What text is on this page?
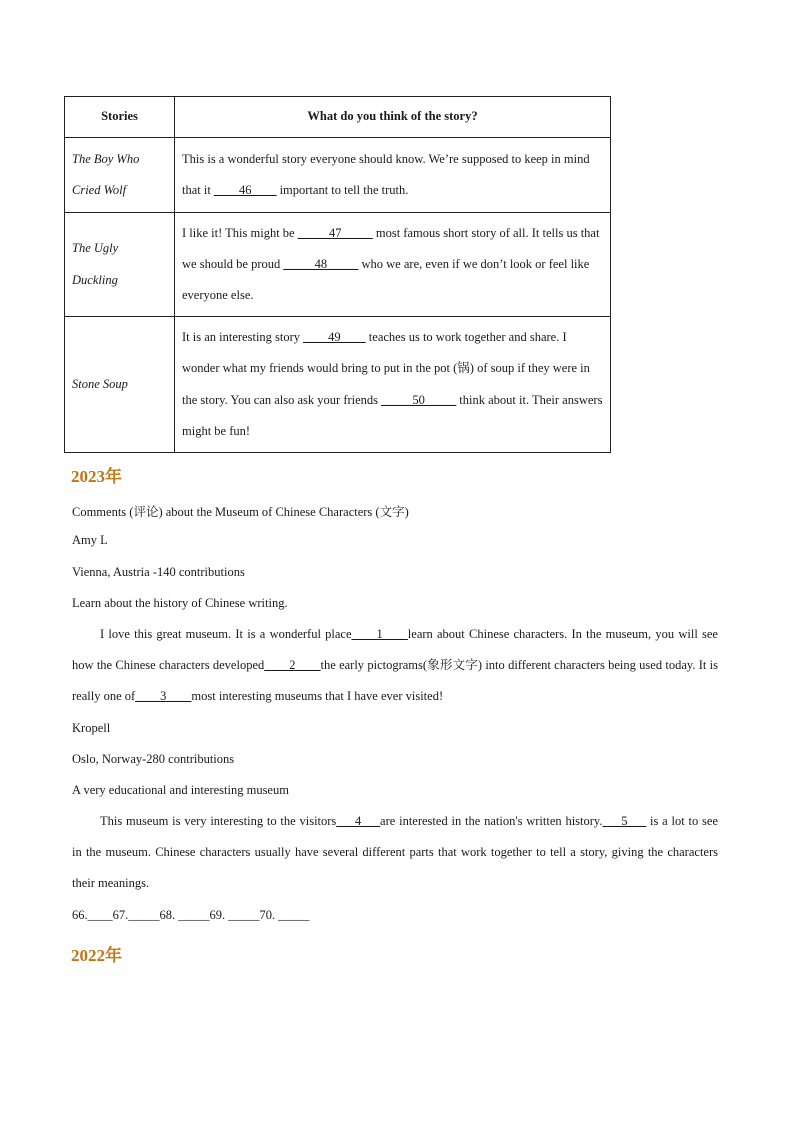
Stories	What do you think of the story?
The Boy Who
Cried Wolf	This is a wonderful story everyone should know. We’re supposed to keep in mind that it ____46____ important to tell the truth.
The Ugly
Duckling	I like it! This might be _____47_____ most famous short story of all. It tells us that we should be proud _____48_____ who we are, even if we don’t look or feel like everyone else.
Stone Soup	It is an interesting story ____49____ teaches us to work together and share. I wonder what my friends would bring to put in the pot (锅) of soup if they were in the story. You can also ask your friends _____50_____ think about it. Their answers might be fun!
2023年
Comments (评论) about the Museum of Chinese Characters (文字)
Amy L
Vienna, Austria -140 contributions
Learn about the history of Chinese writing.
I love this great museum. It is a wonderful place____1____learn about Chinese characters. In the museum, you will see how the Chinese characters developed____2____the early pictograms(象形文字) into different characters being used today. It is really one of____3____most interesting museums that I have ever visited!
Kropell
Oslo, Norway-280 contributions
A very educational and interesting museum
This museum is very interesting to the visitors___4___are interested in the nation's written history.___5___ is a lot to see in the museum. Chinese characters usually have several different parts that work together to tell a story, giving the characters their meanings.
66.____67._____68. _____69. _____70. _____
2022年
